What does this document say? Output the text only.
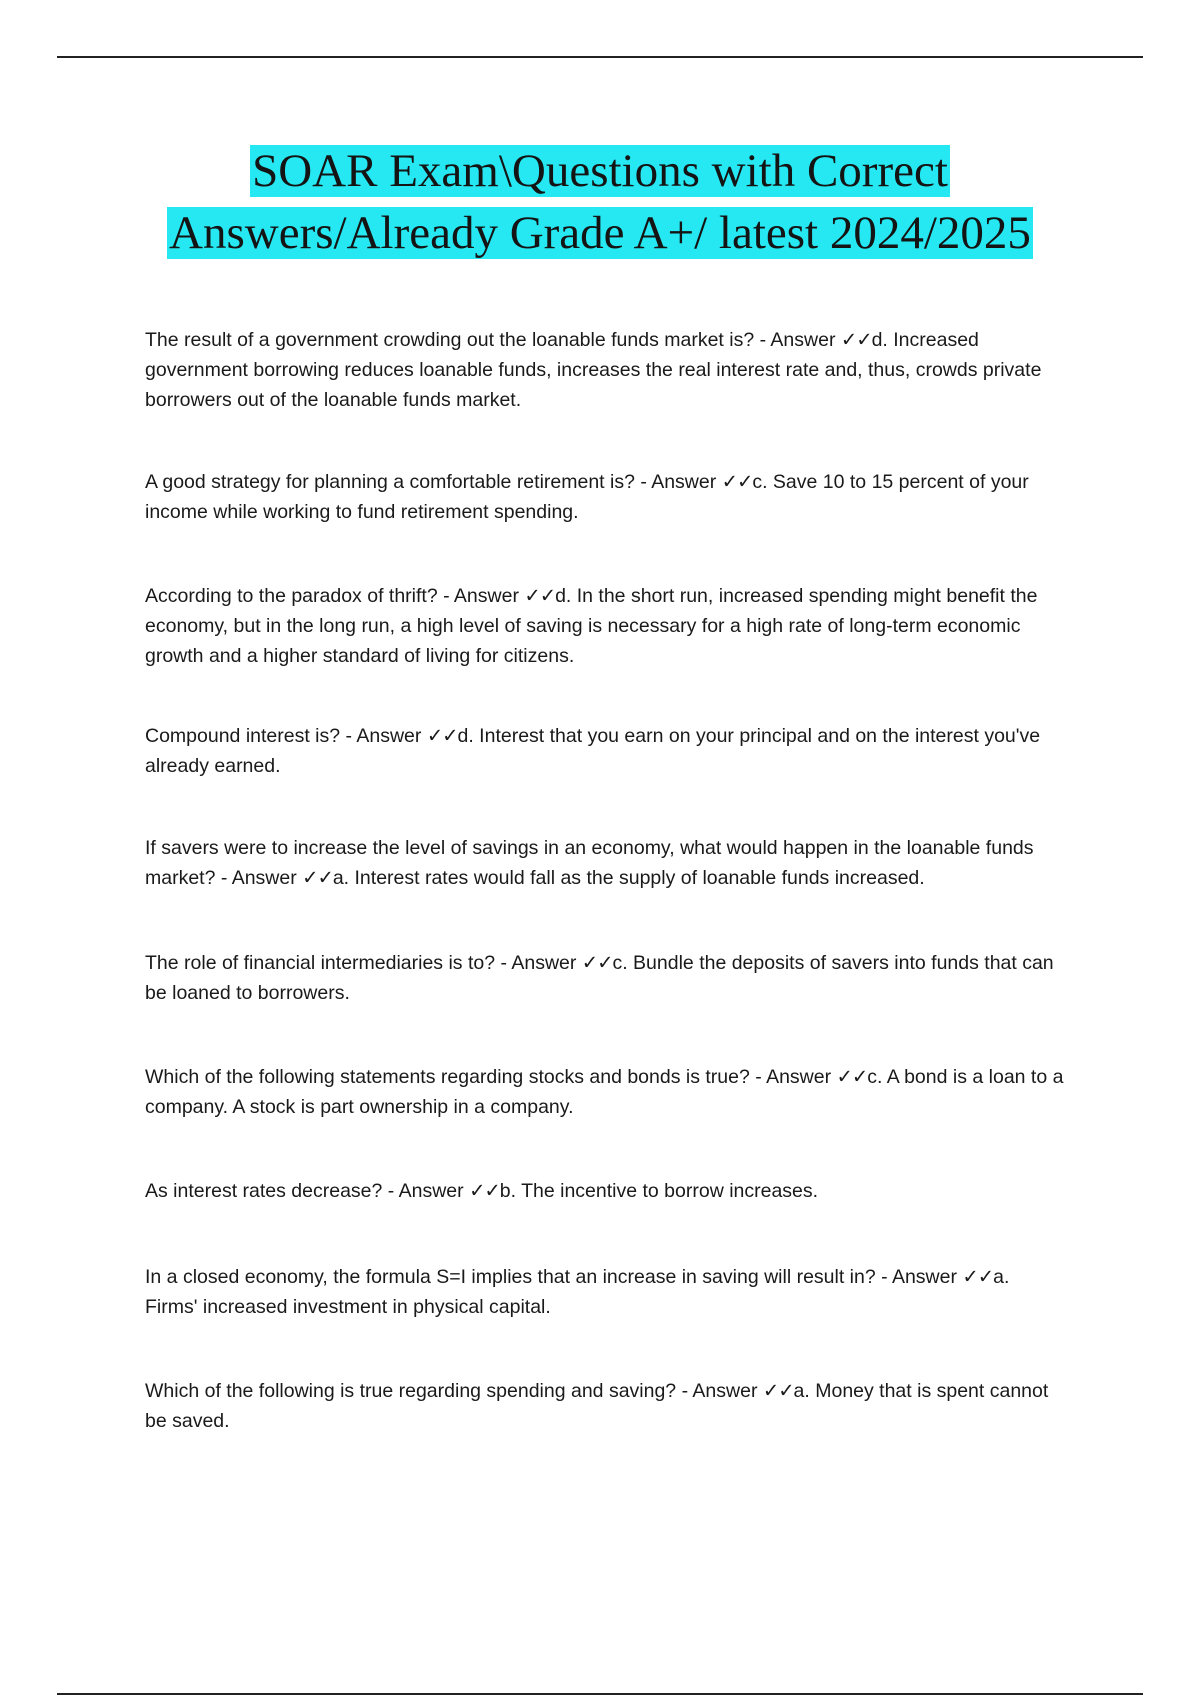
SOAR Exam\Questions with Correct
Answers/Already Grade A+/ latest 2024/2025

The result of a government crowding out the loanable funds market is? - Answer ✓✓d. Increased government borrowing reduces loanable funds, increases the real interest rate and, thus, crowds private borrowers out of the loanable funds market.

A good strategy for planning a comfortable retirement is? - Answer ✓✓c. Save 10 to 15 percent of your income while working to fund retirement spending.

According to the paradox of thrift? - Answer ✓✓d. In the short run, increased spending might benefit the economy, but in the long run, a high level of saving is necessary for a high rate of long-term economic growth and a higher standard of living for citizens.

Compound interest is? - Answer ✓✓d. Interest that you earn on your principal and on the interest you've already earned.

If savers were to increase the level of savings in an economy, what would happen in the loanable funds market? - Answer ✓✓a. Interest rates would fall as the supply of loanable funds increased.

The role of financial intermediaries is to? - Answer ✓✓c. Bundle the deposits of savers into funds that can be loaned to borrowers.

Which of the following statements regarding stocks and bonds is true? - Answer ✓✓c. A bond is a loan to a company. A stock is part ownership in a company.

As interest rates decrease? - Answer ✓✓b. The incentive to borrow increases.

In a closed economy, the formula S=I implies that an increase in saving will result in? - Answer ✓✓a. Firms' increased investment in physical capital.

Which of the following is true regarding spending and saving? - Answer ✓✓a. Money that is spent cannot be saved.
